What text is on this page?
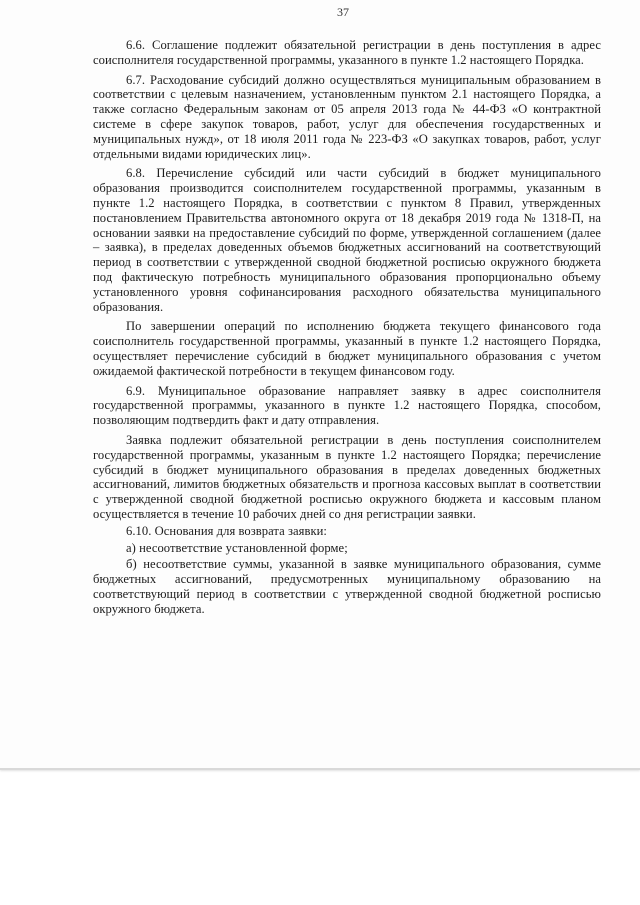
37

6.6. Соглашение подлежит обязательной регистрации в день поступления в адрес соисполнителя государственной программы, указанного в пункте 1.2 настоящего Порядка.

6.7. Расходование субсидий должно осуществляться муниципальным образованием в соответствии с целевым назначением, установленным пунктом 2.1 настоящего Порядка, а также согласно Федеральным законам от 05 апреля 2013 года № 44-ФЗ «О контрактной системе в сфере закупок товаров, работ, услуг для обеспечения государственных и муниципальных нужд», от 18 июля 2011 года № 223-ФЗ «О закупках товаров, работ, услуг отдельными видами юридических лиц».

6.8. Перечисление субсидий или части субсидий в бюджет муниципального образования производится соисполнителем государственной программы, указанным в пункте 1.2 настоящего Порядка, в соответствии с пунктом 8 Правил, утвержденных постановлением Правительства автономного округа от 18 декабря 2019 года № 1318-П, на основании заявки на предоставление субсидий по форме, утвержденной соглашением (далее – заявка), в пределах доведенных объемов бюджетных ассигнований на соответствующий период в соответствии с утвержденной сводной бюджетной росписью окружного бюджета под фактическую потребность муниципального образования пропорционально объему установленного уровня софинансирования расходного обязательства муниципального образования.

По завершении операций по исполнению бюджета текущего финансового года соисполнитель государственной программы, указанный в пункте 1.2 настоящего Порядка, осуществляет перечисление субсидий в бюджет муниципального образования с учетом ожидаемой фактической потребности в текущем финансовом году.

6.9. Муниципальное образование направляет заявку в адрес соисполнителя государственной программы, указанного в пункте 1.2 настоящего Порядка, способом, позволяющим подтвердить факт и дату отправления.

Заявка подлежит обязательной регистрации в день поступления соисполнителем государственной программы, указанным в пункте 1.2 настоящего Порядка; перечисление субсидий в бюджет муниципального образования в пределах доведенных бюджетных ассигнований, лимитов бюджетных обязательств и прогноза кассовых выплат в соответствии с утвержденной сводной бюджетной росписью окружного бюджета и кассовым планом осуществляется в течение 10 рабочих дней со дня регистрации заявки.

6.10. Основания для возврата заявки:

а) несоответствие установленной форме;

б) несоответствие суммы, указанной в заявке муниципального образования, сумме бюджетных ассигнований, предусмотренных муниципальному образованию на соответствующий период в соответствии с утвержденной сводной бюджетной росписью окружного бюджета.
